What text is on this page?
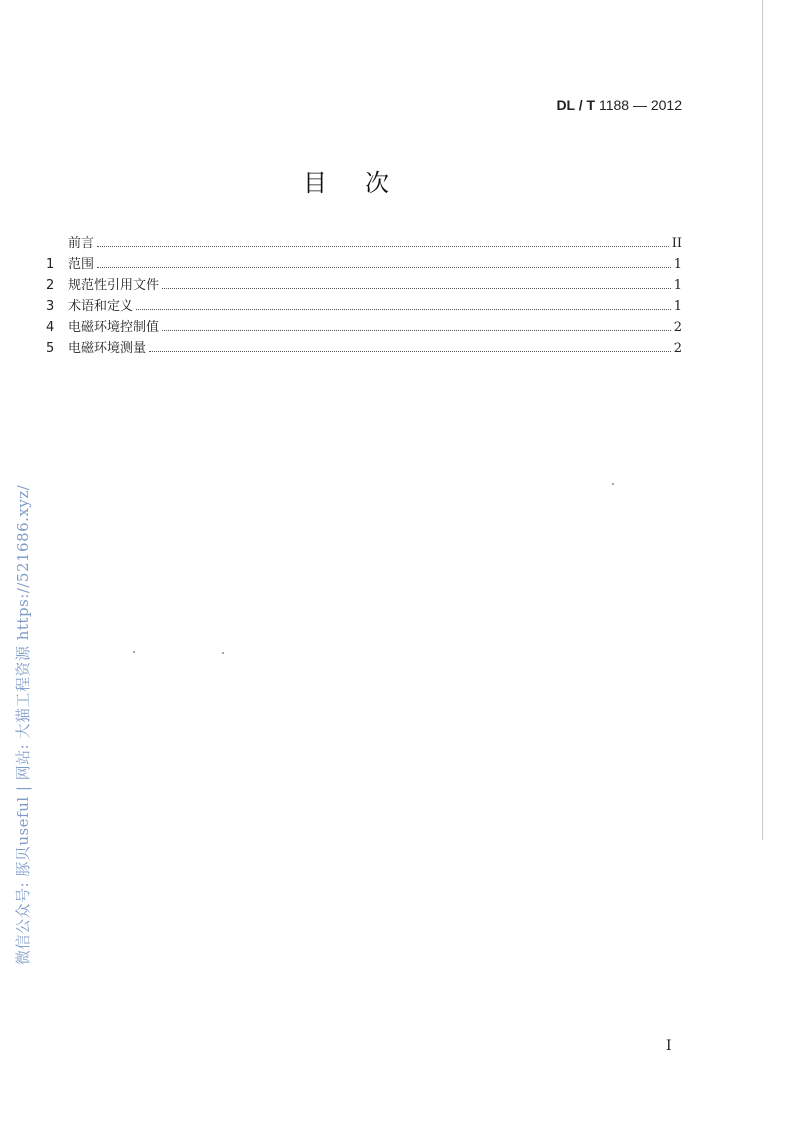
DL / T 1188 — 2012
目次
前言	II
1	范围	1
2	规范性引用文件	1
3	术语和定义	1
4	电磁环境控制值	2
5	电磁环境测量	2
微信公众号: 豚贝useful | 网站: 大猫工程资源 https://521686.xyz/
I
